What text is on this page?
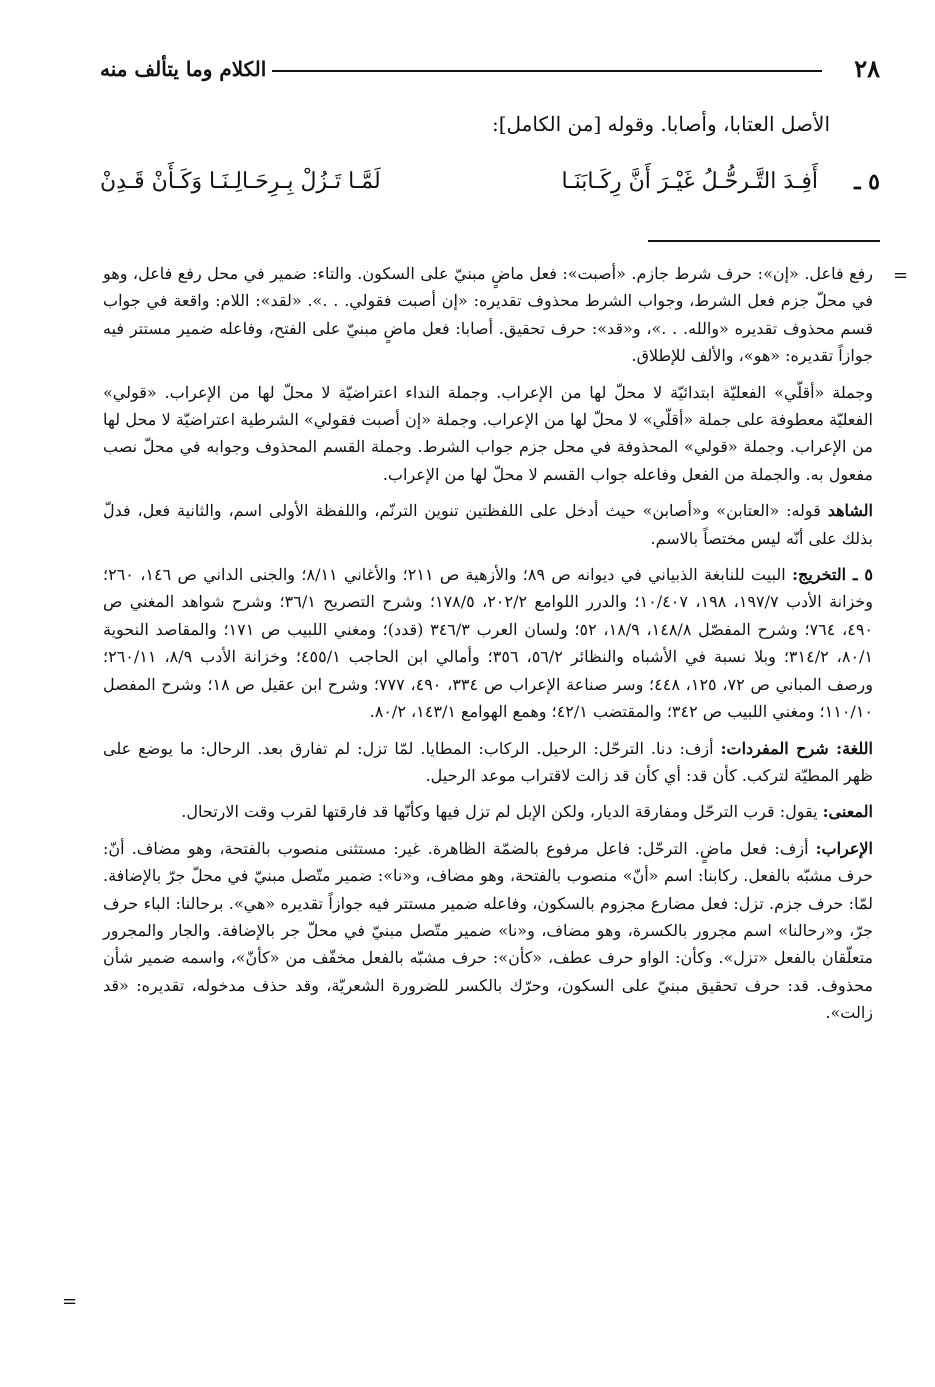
٢٨
الكلام وما يتألف منه
الأصل العتابا، وأصابا. وقوله [من الكامل]:
٥ ـ
أَفِـدَ التَّـرحُّـلُ غَيْـرَ أَنَّ رِكَـابَنَـا
لَمَّـا تَـزُلْ بِـرِحَـالِـنَـا وَكَـأَنْ قَـدِنْ
=

رفع فاعل. «إن»: حرف شرط جازم. «أصبت»: فعل ماضٍ مبنيّ على السكون. والتاء: ضمير في محل رفع فاعل، وهو في محلّ جزم فعل الشرط، وجواب الشرط محذوف تقديره: «إن أصبت فقولي. . .». «لقد»: اللام: واقعة في جواب قسم محذوف تقديره «والله. . .»، و«قد»: حرف تحقيق. أصابا: فعل ماضٍ مبنيّ على الفتح، وفاعله ضمير مستتر فيه جوازاً تقديره: «هو»، والألف للإطلاق.

وجملة «أقلّي» الفعليّة ابتدائيّة لا محلّ لها من الإعراب. وجملة النداء اعتراضيّة لا محلّ لها من الإعراب. «قولي» الفعليّة معطوفة على جملة «أقلّي» لا محلّ لها من الإعراب. وجملة «إن أصبت فقولي» الشرطية اعتراضيّة لا محل لها من الإعراب. وجملة «قولي» المحذوفة في محل جزم جواب الشرط. وجملة القسم المحذوف وجوابه في محلّ نصب مفعول به. والجملة من الفعل وفاعله جواب القسم لا محلّ لها من الإعراب.

الشاهد قوله: «العتابن» و«أصابن» حيث أدخل على اللفظتين تنوين الترنّم، واللفظة الأولى اسم، والثانية فعل، فدلّ بذلك على أنّه ليس مختصاً بالاسم.

٥ ـ التخريج: البيت للنابغة الذبياني في ديوانه ص ٨٩؛ والأزهية ص ٢١١؛ والأغاني ٨/١١؛ والجنى الداني ص ١٤٦، ٢٦٠؛ وخزانة الأدب ١٩٧/٧، ١٩٨، ١٠/٤٠٧؛ والدرر اللوامع ٢٠٢/٢، ١٧٨/٥؛ وشرح التصريح ٣٦/١؛ وشرح شواهد المغني ص ٤٩٠، ٧٦٤؛ وشرح المفصّل ١٤٨/٨، ١٨/٩، ٥٢؛ ولسان العرب ٣٤٦/٣ (قدد)؛ ومغني اللبيب ص ١٧١؛ والمقاصد النحوية ٨٠/١، ٣١٤/٢؛ وبلا نسبة في الأشباه والنظائر ٥٦/٢، ٣٥٦؛ وأمالي ابن الحاجب ٤٥٥/١؛ وخزانة الأدب ٨/٩، ٢٦٠/١١؛ ورصف المباني ص ٧٢، ١٢٥، ٤٤٨؛ وسر صناعة الإعراب ص ٣٣٤، ٤٩٠، ٧٧٧؛ وشرح ابن عقيل ص ١٨؛ وشرح المفصل ١١٠/١٠؛ ومغني اللبيب ص ٣٤٢؛ والمقتضب ٤٢/١؛ وهمع الهوامع ١٤٣/١، ٨٠/٢.

اللغة: شرح المفردات: أزف: دنا. الترحّل: الرحيل. الركاب: المطايا. لمّا تزل: لم تفارق بعد. الرحال: ما يوضع على ظهر المطيّة لتركب. كأن قد: أي كأن قد زالت لاقتراب موعد الرحيل.

المعنى: يقول: قرب الترحّل ومفارقة الديار، ولكن الإبل لم تزل فيها وكأنّها قد فارقتها لقرب وقت الارتحال.

الإعراب: أزف: فعل ماضٍ. الترحّل: فاعل مرفوع بالضمّة الظاهرة. غير: مستثنى منصوب بالفتحة، وهو مضاف. أنّ: حرف مشبّه بالفعل. ركابنا: اسم «أنّ» منصوب بالفتحة، وهو مضاف، و«نا»: ضمير متّصل مبنيّ في محلّ جرّ بالإضافة. لمّا: حرف جزم. تزل: فعل مضارع مجزوم بالسكون، وفاعله ضمير مستتر فيه جوازاً تقديره «هي». برحالنا: الباء حرف جرّ، و«رحالنا» اسم مجرور بالكسرة، وهو مضاف، و«نا» ضمير متّصل مبنيّ في محلّ جر بالإضافة. والجار والمجرور متعلّقان بالفعل «تزل». وكأن: الواو حرف عطف، «كأن»: حرف مشبّه بالفعل مخفّف من «كأنّ»، واسمه ضمير شأن محذوف. قد: حرف تحقيق مبنيّ على السكون، وحرّك بالكسر للضرورة الشعريّة، وقد حذف مدخوله، تقديره: «قد زالت».

=
